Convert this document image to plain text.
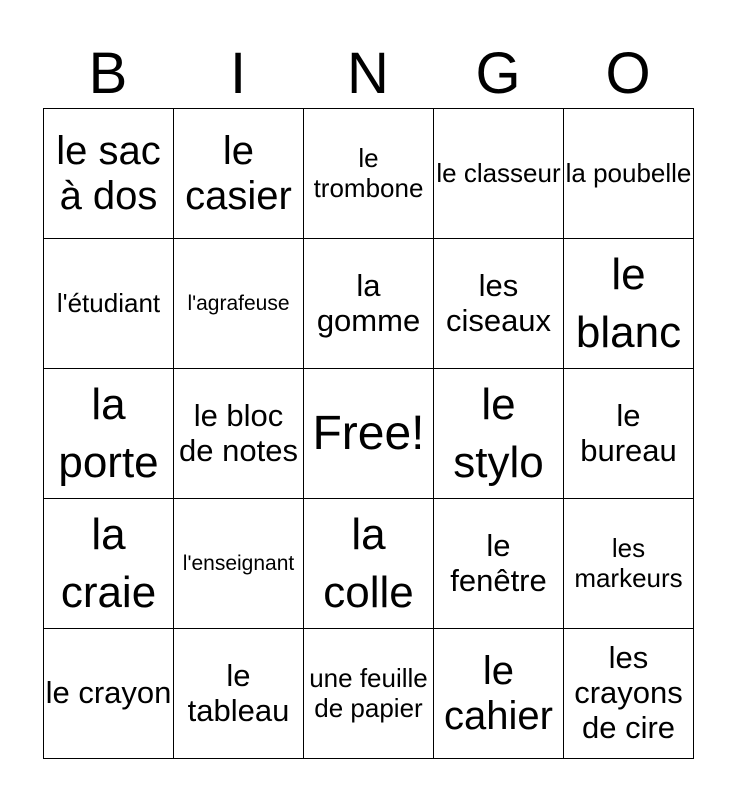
B	I	N	G	O
le sac à dos	le casier	le trombone	le classeur	la poubelle

l'étudiant	l'agrafeuse	la gomme	les ciseaux	le blanc

la porte	le bloc de notes	Free!	le stylo	le bureau

la craie	l'enseignant	la colle	le fenêtre	les markeurs

le crayon	le tableau	une feuille de papier	le cahier	les crayons de cire
